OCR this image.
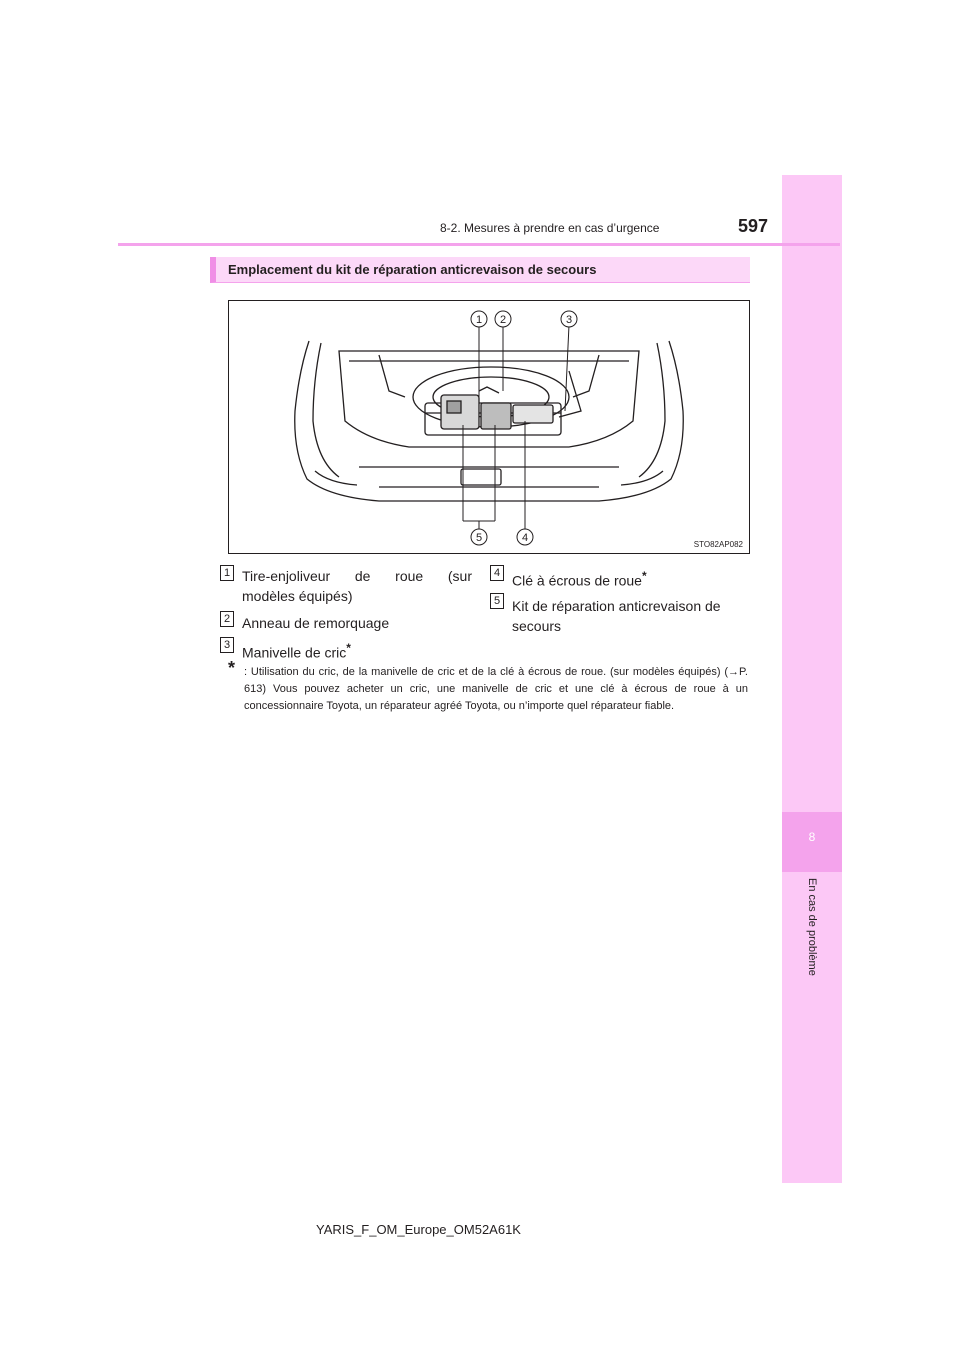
8
En cas de problème
8-2. Mesures à prendre en cas d’urgence	597
Emplacement du kit de réparation anticrevaison de secours
1 2	3
4
5
STO82AP082
1 Tire-enjoliveur de roue (sur
modèles équipés)
2 Anneau de remorquage
3 Manivelle de cric*
4 Clé à écrous de roue*
5 Kit de réparation anticrevaison de
secours
* : Utilisation du cric, de la manivelle de cric et de la clé à écrous de roue. (sur modèles équipés) (→P. 613) Vous pouvez acheter un cric, une manivelle de cric et une clé à écrous de roue à un concessionnaire Toyota, un réparateur agréé Toyota, ou n’importe quel réparateur fiable.
YARIS_F_OM_Europe_OM52A61K
